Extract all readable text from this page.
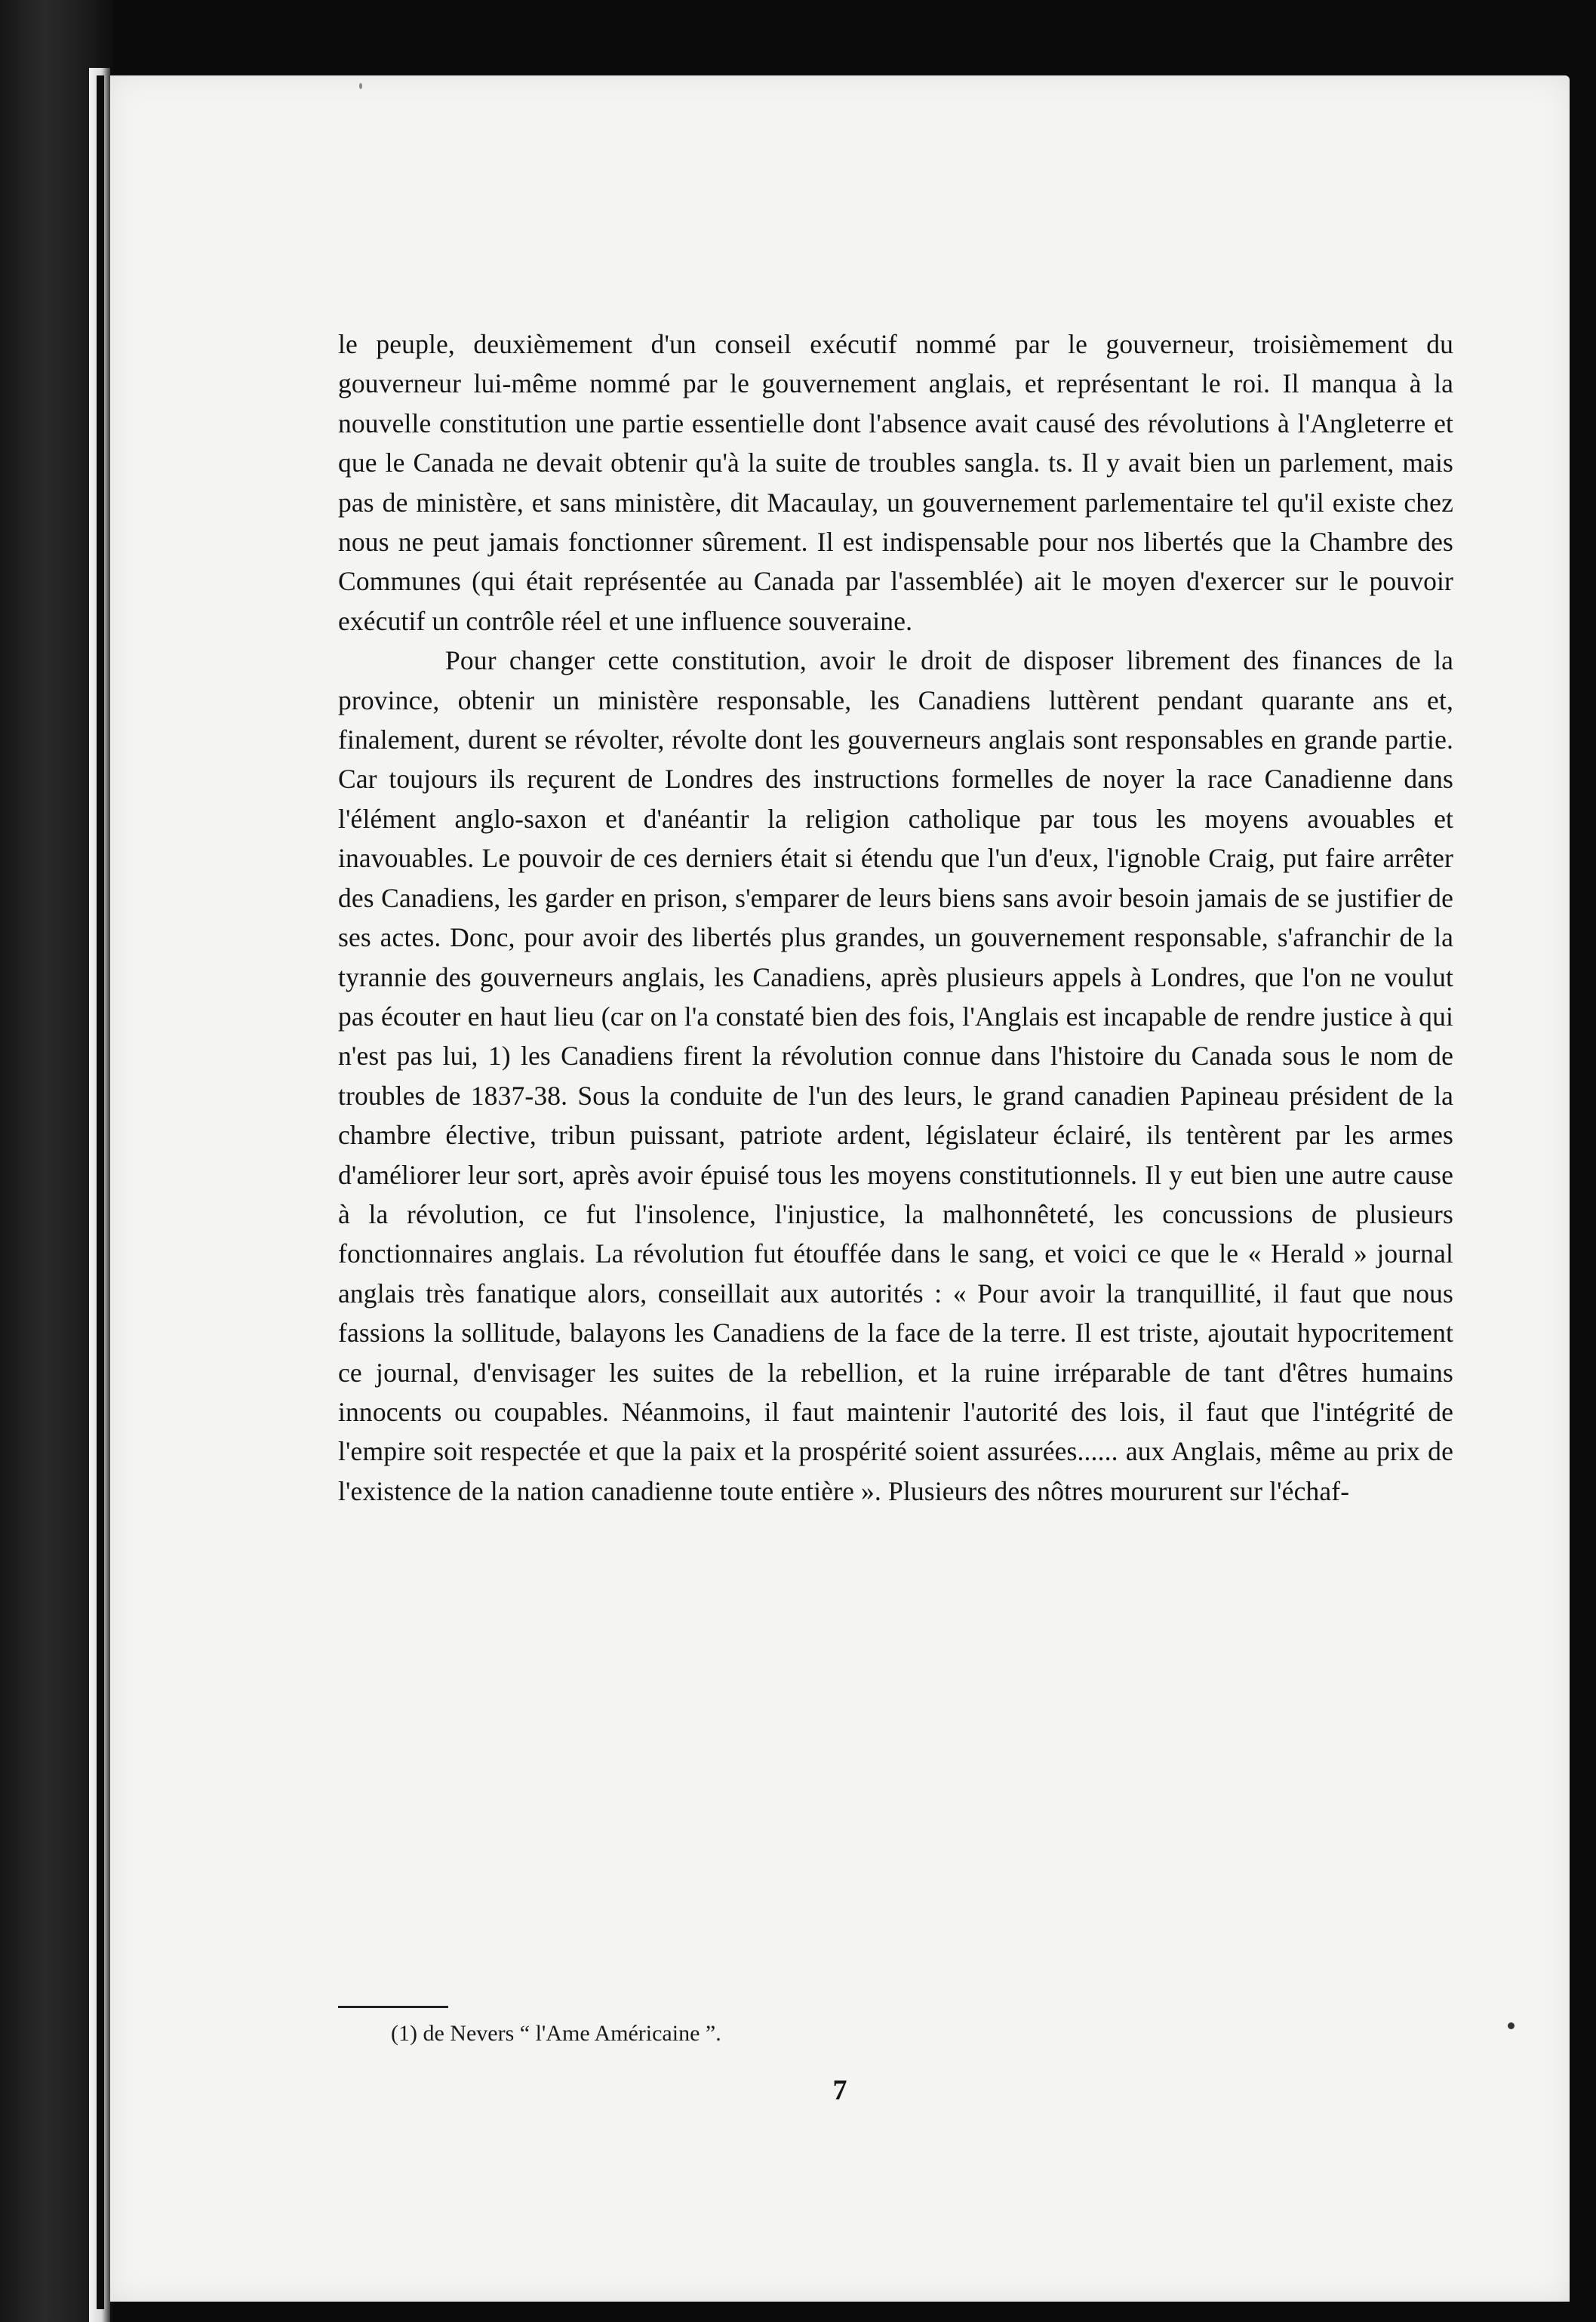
le peuple, deuxièmement d'un conseil exécutif nommé par le gouverneur, troisièmement du gouverneur lui-même nommé par le gouvernement anglais, et représentant le roi. Il manqua à la nouvelle constitution une partie essentielle dont l'absence avait causé des révolutions à l'Angleterre et que le Canada ne devait obtenir qu'à la suite de troubles sangla. ts. Il y avait bien un parlement, mais pas de ministère, et sans ministère, dit Macaulay, un gouvernement parlementaire tel qu'il existe chez nous ne peut jamais fonctionner sûrement. Il est indispensable pour nos libertés que la Chambre des Communes (qui était représentée au Canada par l'assemblée) ait le moyen d'exercer sur le pouvoir exécutif un contrôle réel et une influence souveraine.

Pour changer cette constitution, avoir le droit de disposer librement des finances de la province, obtenir un ministère responsable, les Canadiens luttèrent pendant quarante ans et, finalement, durent se révolter, révolte dont les gouverneurs anglais sont responsables en grande partie. Car toujours ils reçurent de Londres des instructions formelles de noyer la race Canadienne dans l'élément anglo-saxon et d'anéantir la religion catholique par tous les moyens avouables et inavouables. Le pouvoir de ces derniers était si étendu que l'un d'eux, l'ignoble Craig, put faire arrêter des Canadiens, les garder en prison, s'emparer de leurs biens sans avoir besoin jamais de se justifier de ses actes. Donc, pour avoir des libertés plus grandes, un gouvernement responsable, s'afranchir de la tyrannie des gouverneurs anglais, les Canadiens, après plusieurs appels à Londres, que l'on ne voulut pas écouter en haut lieu (car on l'a constaté bien des fois, l'Anglais est incapable de rendre justice à qui n'est pas lui, 1) les Canadiens firent la révolution connue dans l'histoire du Canada sous le nom de troubles de 1837-38. Sous la conduite de l'un des leurs, le grand canadien Papineau président de la chambre élective, tribun puissant, patriote ardent, législateur éclairé, ils tentèrent par les armes d'améliorer leur sort, après avoir épuisé tous les moyens constitutionnels. Il y eut bien une autre cause à la révolution, ce fut l'insolence, l'injustice, la malhonnêteté, les concussions de plusieurs fonctionnaires anglais. La révolution fut étouffée dans le sang, et voici ce que le « Herald » journal anglais très fanatique alors, conseillait aux autorités : « Pour avoir la tranquillité, il faut que nous fassions la sollitude, balayons les Canadiens de la face de la terre. Il est triste, ajoutait hypocritement ce journal, d'envisager les suites de la rebellion, et la ruine irréparable de tant d'êtres humains innocents ou coupables. Néanmoins, il faut maintenir l'autorité des lois, il faut que l'intégrité de l'empire soit respectée et que la paix et la prospérité soient assurées...... aux Anglais, même au prix de l'existence de la nation canadienne toute entière ». Plusieurs des nôtres moururent sur l'échaf-

(1) de Nevers “ l'Ame Américaine ”.
7
